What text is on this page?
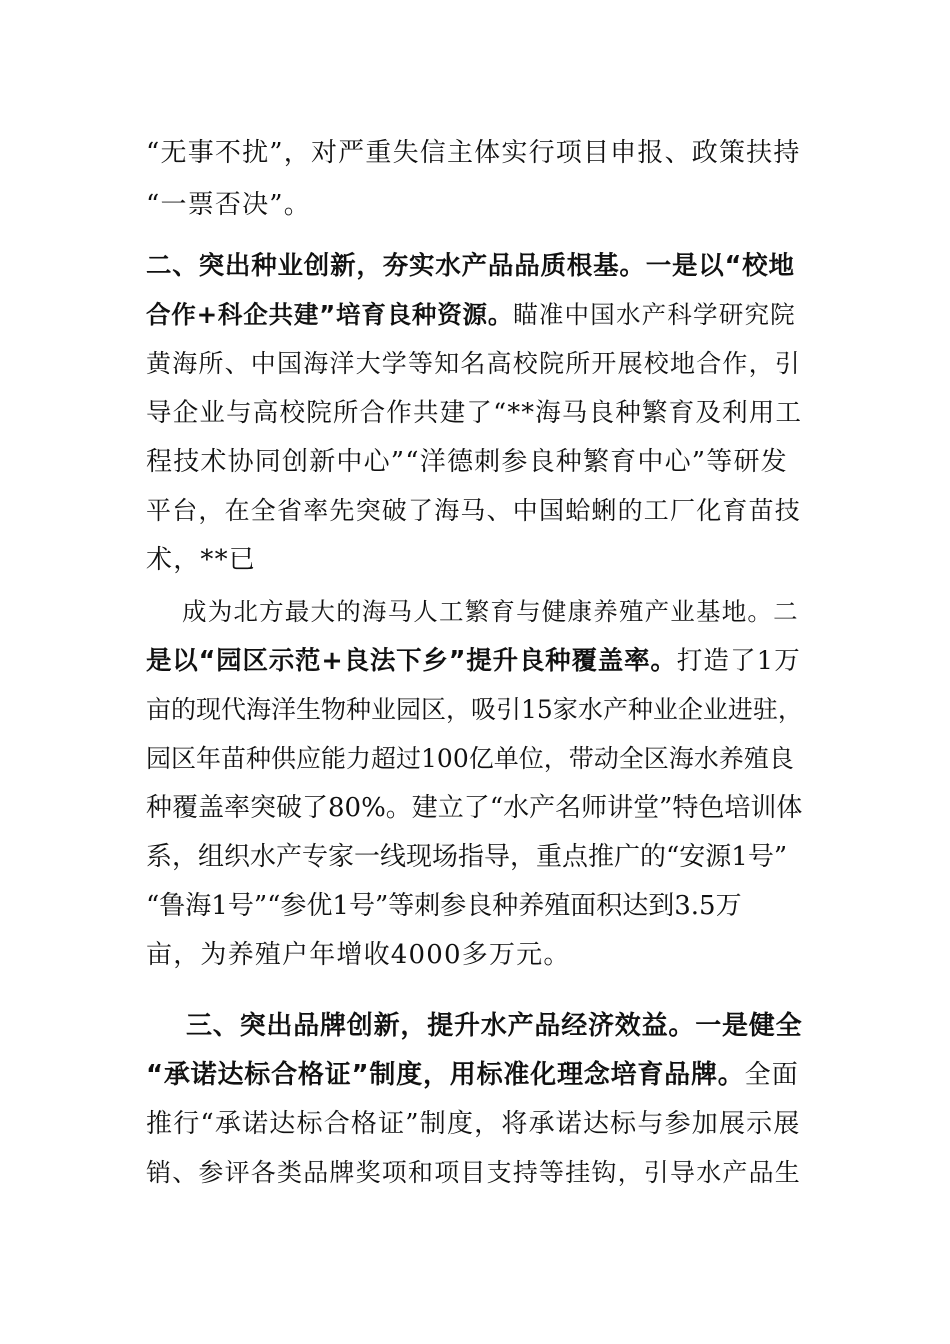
“无事不扰”，对严重失信主体实行项目申报、政策扶持
“一票否决”。
二、突出种业创新，夯实水产品品质根基。一是以“校地
合作+科企共建”培育良种资源。瞄准中国水产科学研究院
黄海所、中国海洋大学等知名高校院所开展校地合作，引
导企业与高校院所合作共建了“**海马良种繁育及利用工
程技术协同创新中心”“洋德刺参良种繁育中心”等研发
平台，在全省率先突破了海马、中国蛤蜊的工厂化育苗技
术，**已
成为北方最大的海马人工繁育与健康养殖产业基地。二
是以“园区示范+良法下乡”提升良种覆盖率。打造了1万
亩的现代海洋生物种业园区，吸引15家水产种业企业进驻，
园区年苗种供应能力超过100亿单位，带动全区海水养殖良
种覆盖率突破了80%。建立了“水产名师讲堂”特色培训体
系，组织水产专家一线现场指导，重点推广的“安源1号”
“鲁海1号”“参优1号”等刺参良种养殖面积达到3.5万
亩，为养殖户年增收4000多万元。
三、突出品牌创新，提升水产品经济效益。一是健全
“承诺达标合格证”制度，用标准化理念培育品牌。全面
推行“承诺达标合格证”制度，将承诺达标与参加展示展
销、参评各类品牌奖项和项目支持等挂钩，引导水产品生
